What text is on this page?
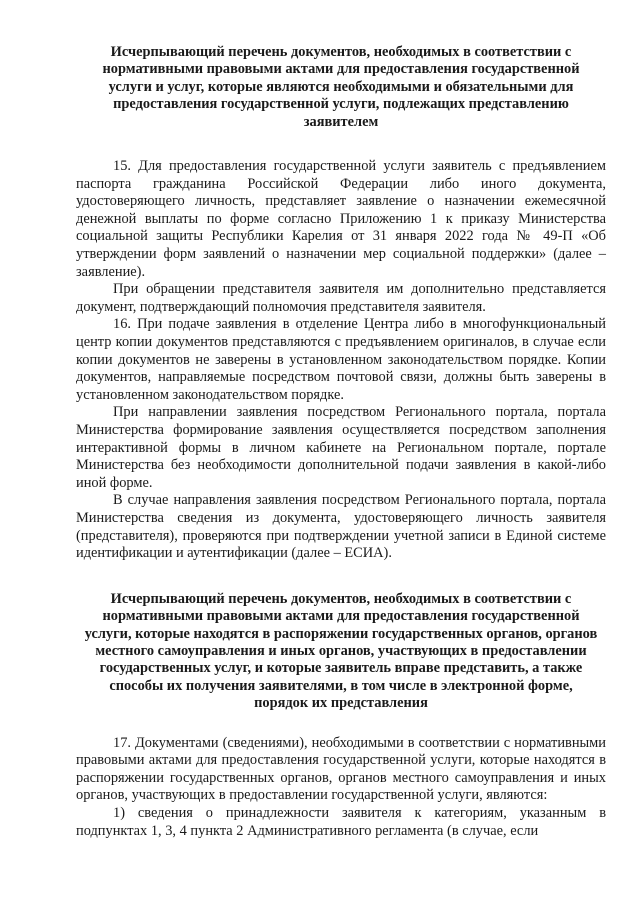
Исчерпывающий перечень документов, необходимых в соответствии с нормативными правовыми актами для предоставления государственной услуги и услуг, которые являются необходимыми и обязательными для предоставления государственной услуги, подлежащих представлению заявителем

15. Для предоставления государственной услуги заявитель с предъявлением паспорта гражданина Российской Федерации либо иного документа, удостоверяющего личность, представляет заявление о назначении ежемесячной денежной выплаты по форме согласно Приложению 1 к приказу Министерства социальной защиты Республики Карелия от 31 января 2022 года № 49-П «Об утверждении форм заявлений о назначении мер социальной поддержки» (далее – заявление).

При обращении представителя заявителя им дополнительно представляется документ, подтверждающий полномочия представителя заявителя.

16. При подаче заявления в отделение Центра либо в многофункциональный центр копии документов представляются с предъявлением оригиналов, в случае если копии документов не заверены в установленном законодательством порядке. Копии документов, направляемые посредством почтовой связи, должны быть заверены в установленном законодательством порядке.

При направлении заявления посредством Регионального портала, портала Министерства формирование заявления осуществляется посредством заполнения интерактивной формы в личном кабинете на Региональном портале, портале Министерства без необходимости дополнительной подачи заявления в какой-либо иной форме.

В случае направления заявления посредством Регионального портала, портала Министерства сведения из документа, удостоверяющего личность заявителя (представителя), проверяются при подтверждении учетной записи в Единой системе идентификации и аутентификации (далее – ЕСИА).

Исчерпывающий перечень документов, необходимых в соответствии с нормативными правовыми актами для предоставления государственной услуги, которые находятся в распоряжении государственных органов, органов местного самоуправления и иных органов, участвующих в предоставлении государственных услуг, и которые заявитель вправе представить, а также способы их получения заявителями, в том числе в электронной форме, порядок их представления

17. Документами (сведениями), необходимыми в соответствии с нормативными правовыми актами для предоставления государственной услуги, которые находятся в распоряжении государственных органов, органов местного самоуправления и иных органов, участвующих в предоставлении государственной услуги, являются:

1) сведения о принадлежности заявителя к категориям, указанным в подпунктах 1, 3, 4 пункта 2 Административного регламента (в случае, если
